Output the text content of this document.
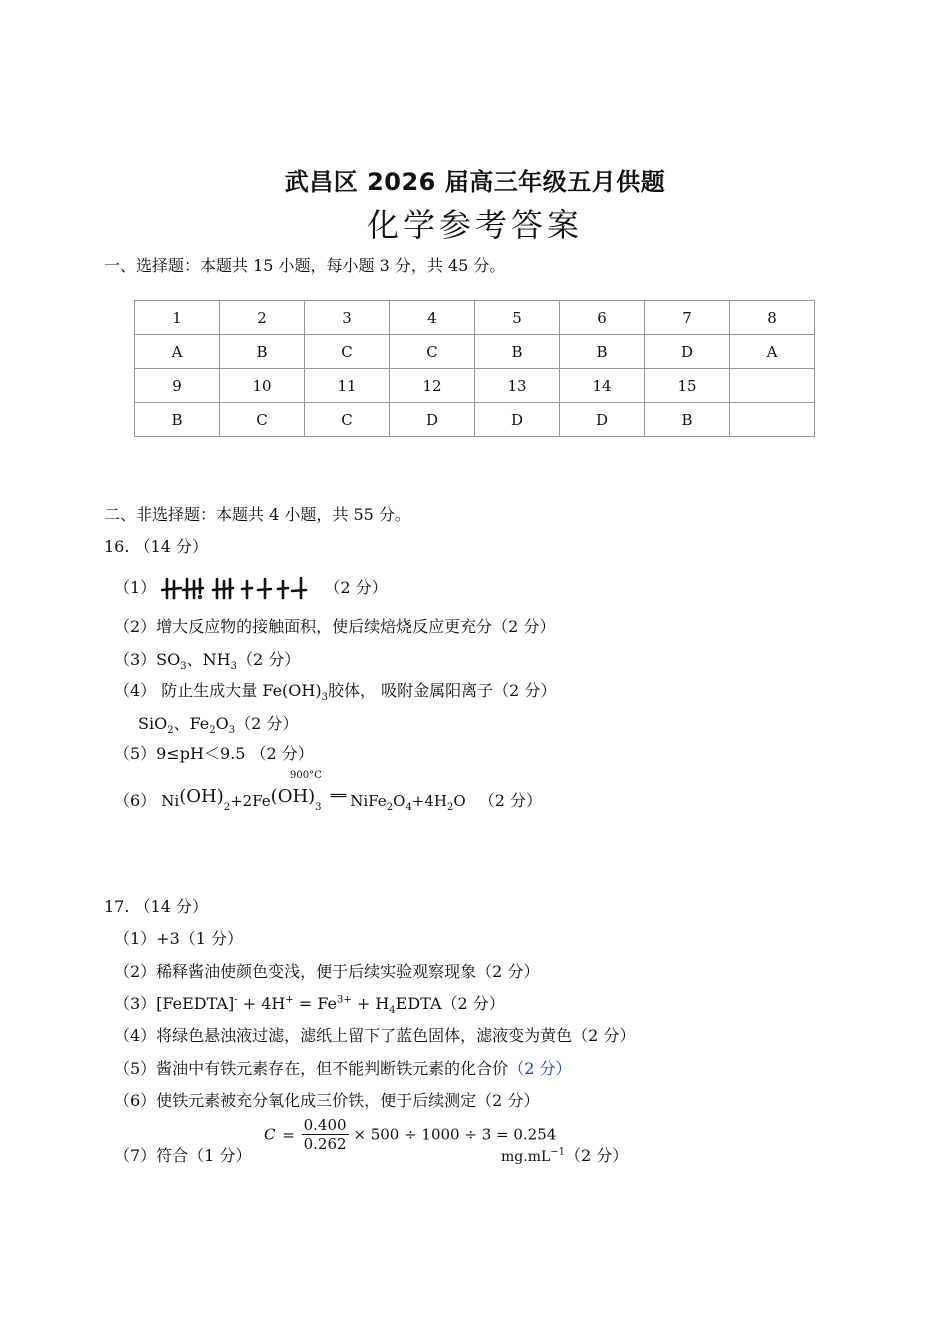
武昌区 2026 届高三年级五月供题
化学参考答案
一、选择题：本题共 15 小题，每小题 3 分，共 45 分。
1	2	3	4	5	6	7	8
A	B	C	C	B	B	D	A
9	10	11	12	13	14	15	
B	C	C	D	D	D	B	
二、非选择题：本题共 4 小题，共 55 分。
16. （14 分）
（1）	（2 分）
（2）增大反应物的接触面积，使后续焙烧反应更充分（2 分）
$(3)SO_3$、$NH_3(2$ 分）
（4） 防止生成大量 $Fe(OH)_3$胶体， 吸附金属阳离子（2 分）
SiO$_2$、$Fe_2O_3(2$ 分）
（5）9≤pH＜9.5 （2 分）
900°C
（6） $Ni(OH)_2+2Fe(OH)_3$ ══ $NiFe_2O_4+4H_2O$ （2 分）
17. （14 分）
（1）+3（1 分）
（2）稀释酱油使颜色变浅，便于后续实验观察现象（2 分）
（3）[FeEDTA]- + $4H^+ = Fe^{3+}$ + $H_4EDTA(2$ 分）
（4）将绿色悬浊液过滤，滤纸上留下了蓝色固体，滤液变为黄色（2 分）
（5）酱油中有铁元素存在，但不能判断铁元素的化合价（2 分）
（6）使铁元素被充分氧化成三价铁，便于后续测定（2 分）
（7）符合（1 分）
$C = \frac{0.400}{0.262} \times 500 \div 1000 \div 3 = 0.254$
$mg.mL^{-1}(2$ 分）
